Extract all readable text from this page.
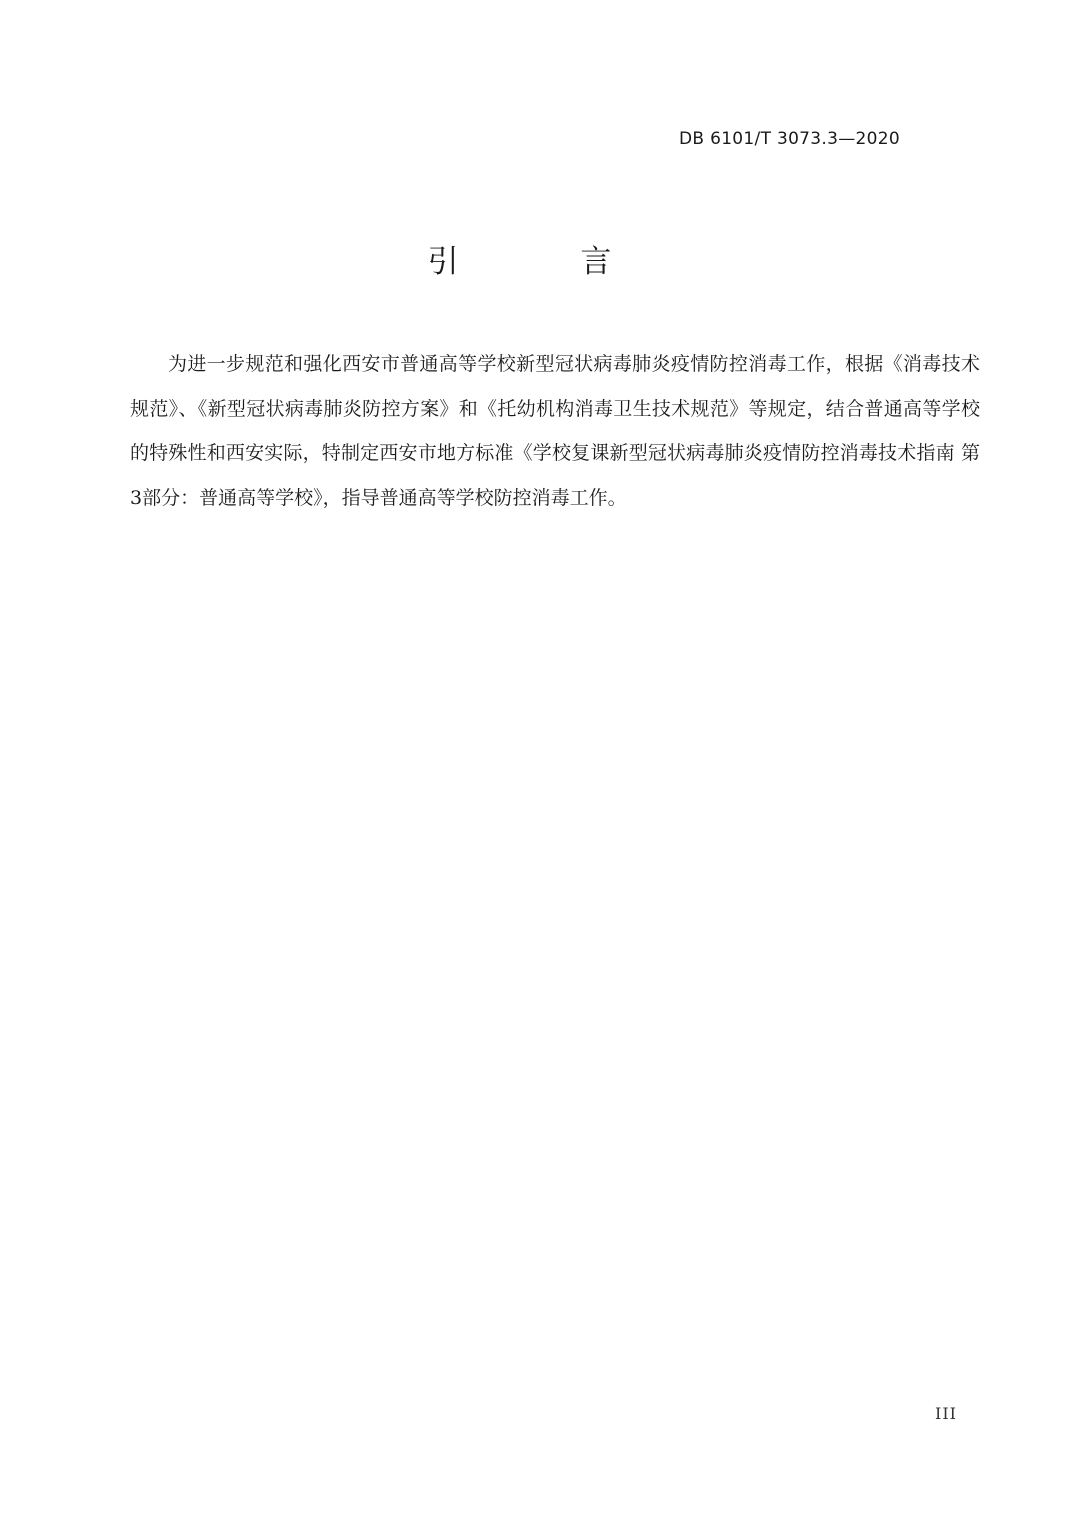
DB 6101/T 3073.3—2020
引 言

为进一步规范和强化西安市普通高等学校新型冠状病毒肺炎疫情防控消毒工作，根据《消毒技术规范》、《新型冠状病毒肺炎防控方案》和《托幼机构消毒卫生技术规范》等规定，结合普通高等学校的特殊性和西安实际，特制定西安市地方标准《学校复课新型冠状病毒肺炎疫情防控消毒技术指南 第3部分：普通高等学校》，指导普通高等学校防控消毒工作。

III
